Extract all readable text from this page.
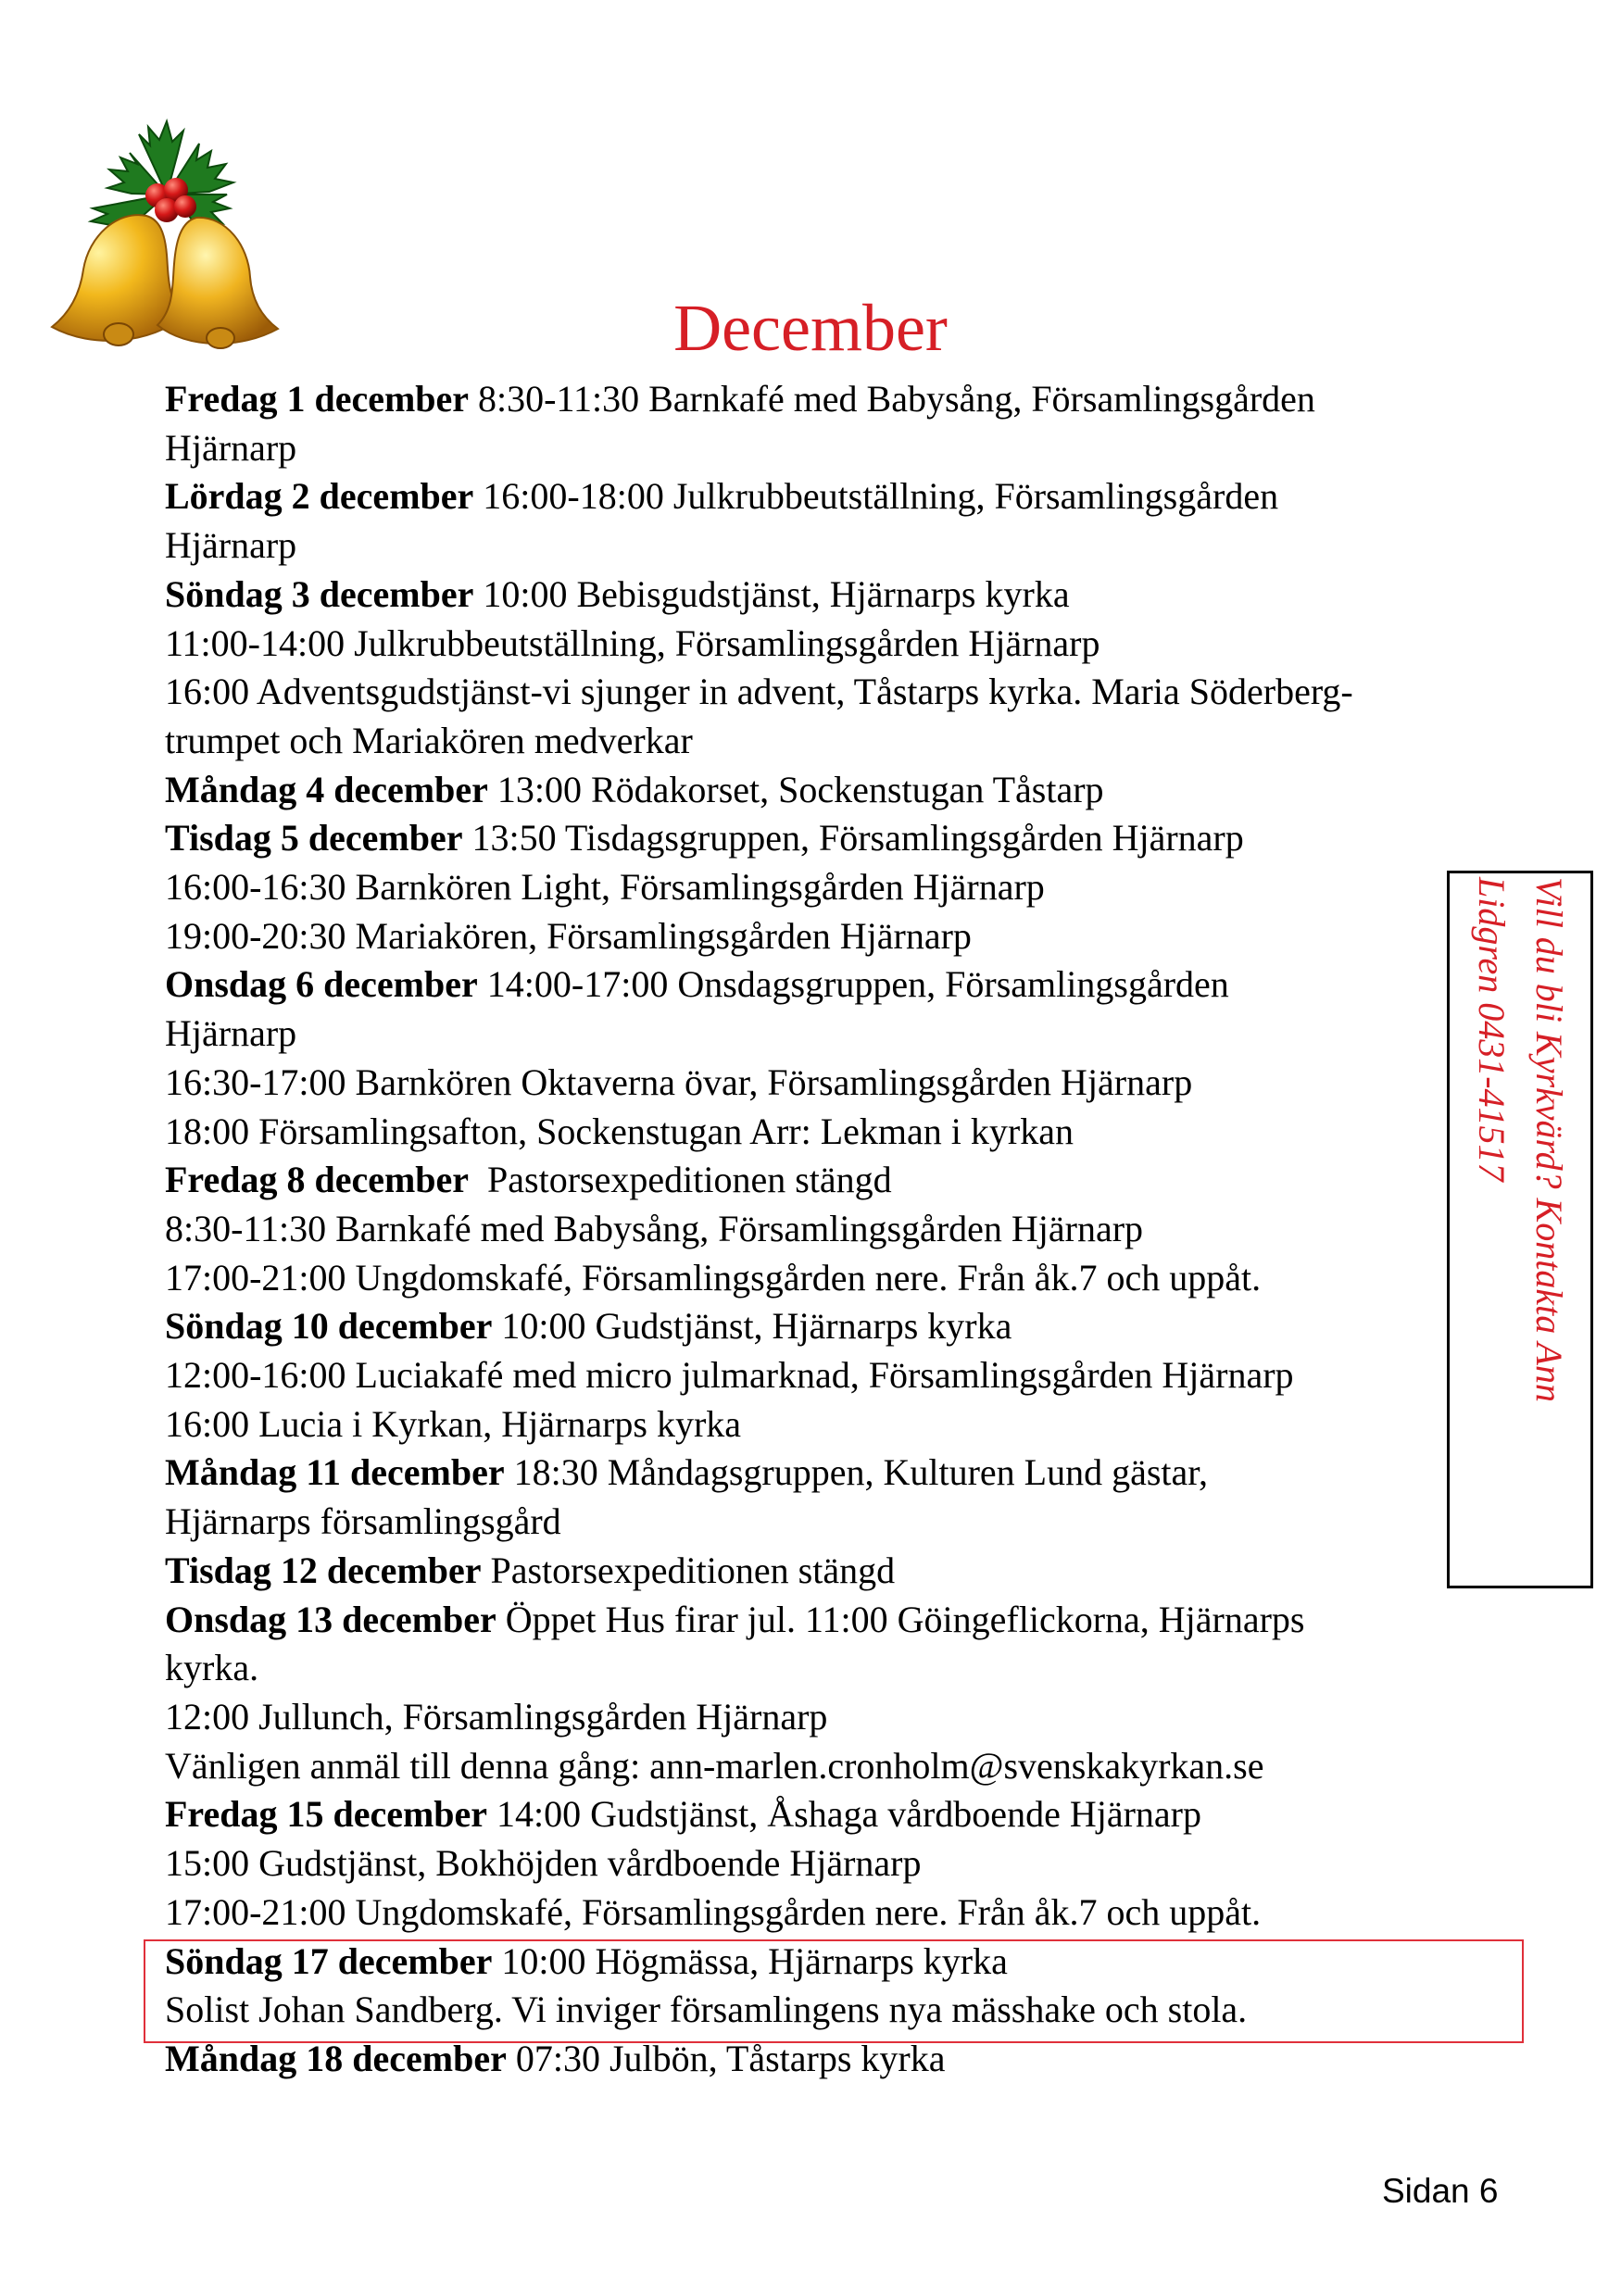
December
Fredag 1 december 8:30-11:30 Barnkafé med Babysång, Församlingsgården
Hjärnarp
Lördag 2 december 16:00-18:00 Julkrubbeutställning, Församlingsgården
Hjärnarp
Söndag 3 december 10:00 Bebisgudstjänst, Hjärnarps kyrka
11:00-14:00 Julkrubbeutställning, Församlingsgården Hjärnarp
16:00 Adventsgudstjänst-vi sjunger in advent, Tåstarps kyrka. Maria Söderberg-
trumpet och Mariakören medverkar
Måndag 4 december 13:00 Rödakorset, Sockenstugan Tåstarp
Tisdag 5 december 13:50 Tisdagsgruppen, Församlingsgården Hjärnarp
16:00-16:30 Barnkören Light, Församlingsgården Hjärnarp
19:00-20:30 Mariakören, Församlingsgården Hjärnarp
Onsdag 6 december 14:00-17:00 Onsdagsgruppen, Församlingsgården
Hjärnarp
16:30-17:00 Barnkören Oktaverna övar, Församlingsgården Hjärnarp
18:00 Församlingsafton, Sockenstugan Arr: Lekman i kyrkan
Fredag 8 december  Pastorsexpeditionen stängd
8:30-11:30 Barnkafé med Babysång, Församlingsgården Hjärnarp
17:00-21:00 Ungdomskafé, Församlingsgården nere. Från åk.7 och uppåt.
Söndag 10 december 10:00 Gudstjänst, Hjärnarps kyrka
12:00-16:00 Luciakafé med micro julmarknad, Församlingsgården Hjärnarp
16:00 Lucia i Kyrkan, Hjärnarps kyrka
Måndag 11 december 18:30 Måndagsgruppen, Kulturen Lund gästar,
Hjärnarps församlingsgård
Tisdag 12 december Pastorsexpeditionen stängd
Onsdag 13 december Öppet Hus firar jul. 11:00 Göingeflickorna, Hjärnarps
kyrka.
12:00 Jullunch, Församlingsgården Hjärnarp
Vänligen anmäl till denna gång: ann-marlen.cronholm@svenskakyrkan.se
Fredag 15 december 14:00 Gudstjänst, Åshaga vårdboende Hjärnarp
15:00 Gudstjänst, Bokhöjden vårdboende Hjärnarp
17:00-21:00 Ungdomskafé, Församlingsgården nere. Från åk.7 och uppåt.
Söndag 17 december 10:00 Högmässa, Hjärnarps kyrka
Solist Johan Sandberg. Vi inviger församlingens nya mässhake och stola.
Måndag 18 december 07:30 Julbön, Tåstarps kyrka
Vill du bli Kyrkvärd? Kontakta Ann
Lidgren 0431-41517
Sidan 6
